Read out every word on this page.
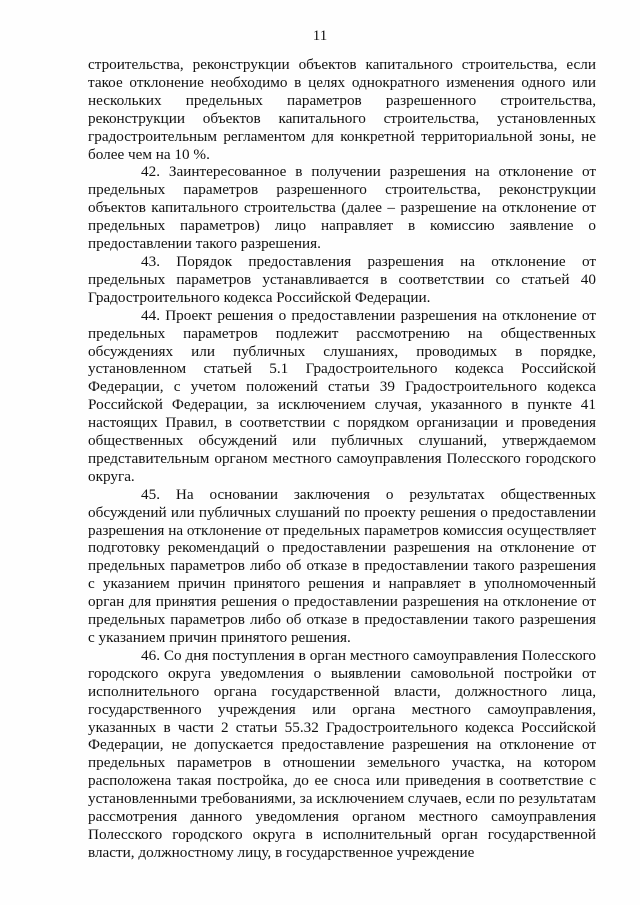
11

строительства, реконструкции объектов капитального строительства, если такое отклонение необходимо в целях однократного изменения одного или нескольких предельных параметров разрешенного строительства, реконструкции объектов капитального строительства, установленных градостроительным регламентом для конкретной территориальной зоны, не более чем на 10 %.

42. Заинтересованное в получении разрешения на отклонение от предельных параметров разрешенного строительства, реконструкции объектов капитального строительства (далее – разрешение на отклонение от предельных параметров) лицо направляет в комиссию заявление о предоставлении такого разрешения.

43. Порядок предоставления разрешения на отклонение от предельных параметров устанавливается в соответствии со статьей 40 Градостроительного кодекса Российской Федерации.

44. Проект решения о предоставлении разрешения на отклонение от предельных параметров подлежит рассмотрению на общественных обсуждениях или публичных слушаниях, проводимых в порядке, установленном статьей 5.1 Градостроительного кодекса Российской Федерации, с учетом положений статьи 39 Градостроительного кодекса Российской Федерации, за исключением случая, указанного в пункте 41 настоящих Правил, в соответствии с порядком организации и проведения общественных обсуждений или публичных слушаний, утверждаемом представительным органом местного самоуправления Полесского городского округа.

45. На основании заключения о результатах общественных обсуждений или публичных слушаний по проекту решения о предоставлении разрешения на отклонение от предельных параметров комиссия осуществляет подготовку рекомендаций о предоставлении разрешения на отклонение от предельных параметров либо об отказе в предоставлении такого разрешения с указанием причин принятого решения и направляет в уполномоченный орган для принятия решения о предоставлении разрешения на отклонение от предельных параметров либо об отказе в предоставлении такого разрешения с указанием причин принятого решения.

46. Со дня поступления в орган местного самоуправления Полесского городского округа уведомления о выявлении самовольной постройки от исполнительного органа государственной власти, должностного лица, государственного учреждения или органа местного самоуправления, указанных в части 2 статьи 55.32 Градостроительного кодекса Российской Федерации, не допускается предоставление разрешения на отклонение от предельных параметров в отношении земельного участка, на котором расположена такая постройка, до ее сноса или приведения в соответствие с установленными требованиями, за исключением случаев, если по результатам рассмотрения данного уведомления органом местного самоуправления Полесского городского округа в исполнительный орган государственной власти, должностному лицу, в государственное учреждение
